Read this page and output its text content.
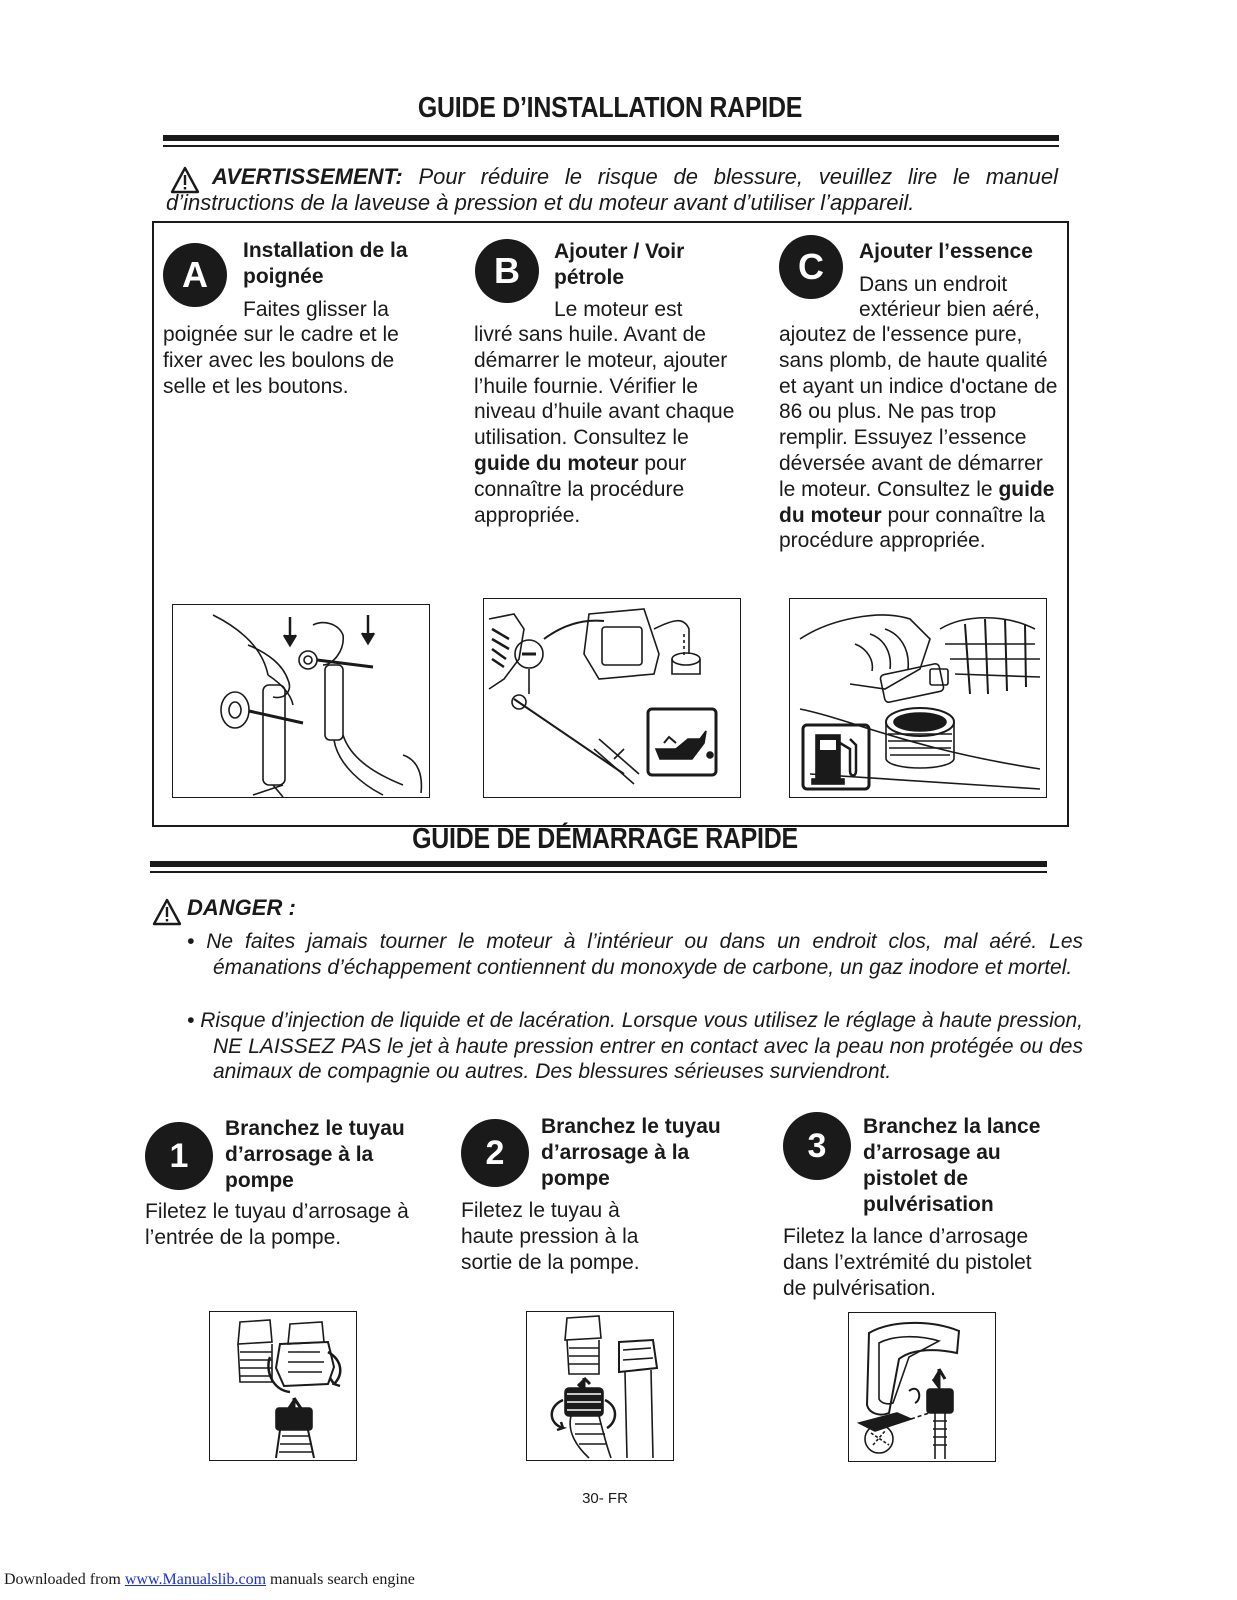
GUIDE D’INSTALLATION RAPIDE
AVERTISSEMENT: Pour réduire le risque de blessure, veuillez lire le manuel d’instructions de la laveuse à pression et du moteur avant d’utiliser l’appareil.
A
Installation de la
poignée
Faites glisser la
poignée sur le cadre et le fixer avec les boulons de selle et les boutons.
B	Ajouter / Voir
pétrole
Le moteur est
livré sans huile. Avant de démarrer le moteur, ajouter l’huile fournie. Vérifier le niveau d’huile avant chaque utilisation. Consultez le guide du moteur pour connaître la procédure appropriée.
C	Ajouter l’essence
Dans un endroit
extérieur bien aéré,
ajoutez de l'essence pure, sans plomb, de haute qualité et ayant un indice d'octane de 86 ou plus. Ne pas trop remplir. Essuyez l’essence déversée avant de démarrer le moteur. Consultez le guide du moteur pour connaître la procédure appropriée.
GUIDE DE DÉMARRAGE RAPIDE
DANGER :
• Ne faites jamais tourner le moteur à l’intérieur ou dans un endroit clos, mal aéré. Les émanations d’échappement contiennent du monoxyde de carbone, un gaz inodore et mortel.
• Risque d’injection de liquide et de lacération. Lorsque vous utilisez le réglage à haute pression, NE LAISSEZ PAS le jet à haute pression entrer en contact avec la peau non protégée ou des animaux de compagnie ou autres. Des blessures sérieuses surviendront.
1
Branchez le tuyau d’arrosage à la pompe
Filetez le tuyau d’arrosage à l’entrée de la pompe.
2
Branchez le tuyau d’arrosage à la pompe
Filetez le tuyau à haute pression à la sortie de la pompe.
3
Branchez la lance d’arrosage au pistolet de pulvérisation
Filetez la lance d’arrosage dans l’extrémité du pistolet de pulvérisation.
30- FR
Downloaded from www.Manualslib.com manuals search engine
